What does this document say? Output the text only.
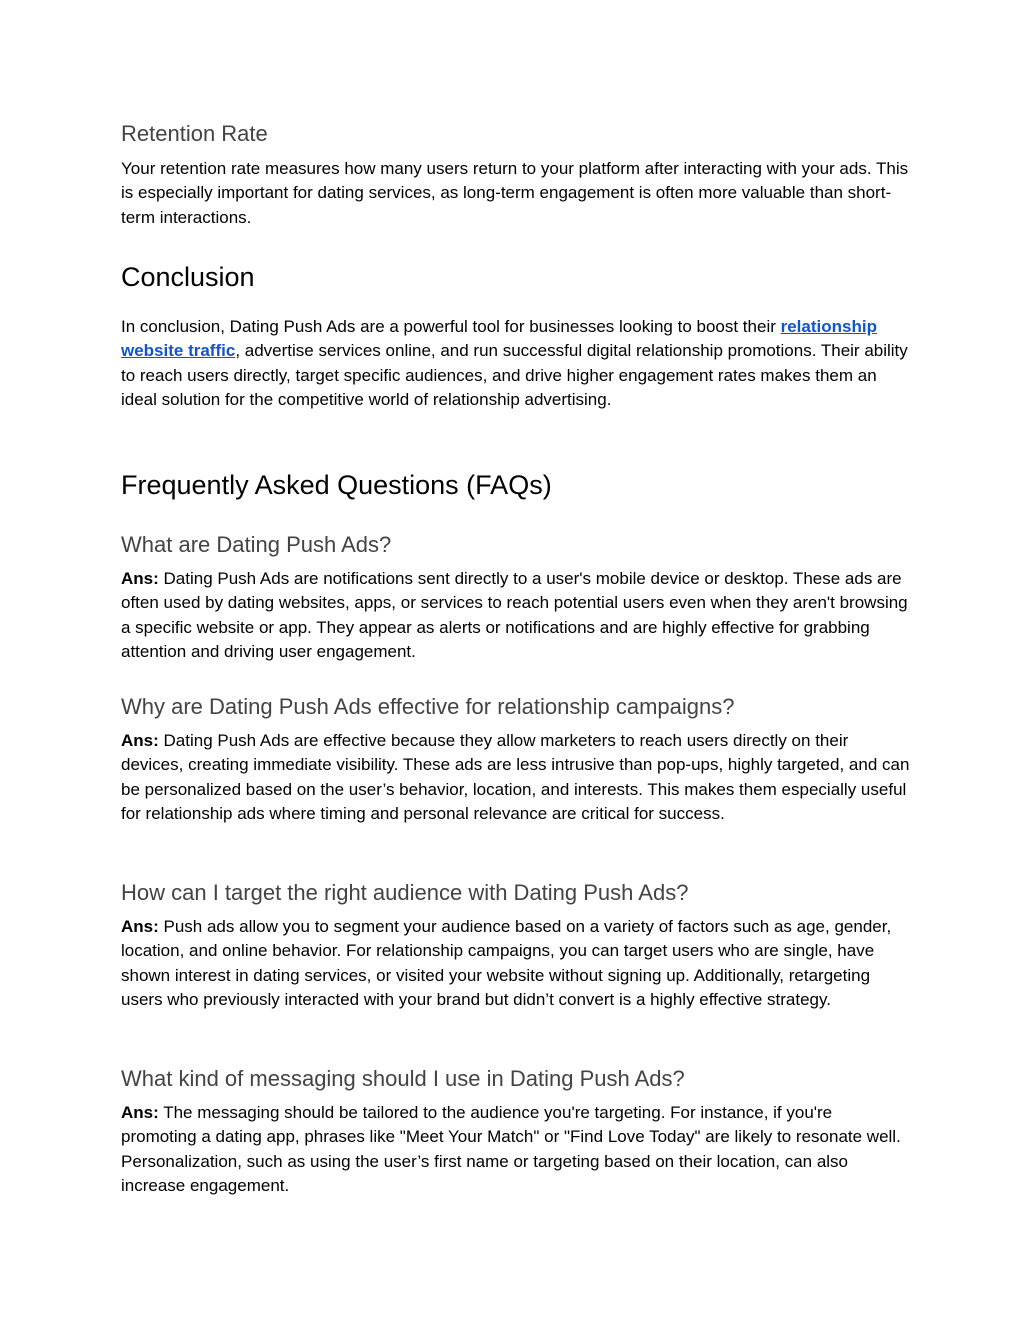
Retention Rate

Your retention rate measures how many users return to your platform after interacting with your ads. This is especially important for dating services, as long-term engagement is often more valuable than short-term interactions.

Conclusion

In conclusion, Dating Push Ads are a powerful tool for businesses looking to boost their relationship website traffic, advertise services online, and run successful digital relationship promotions. Their ability to reach users directly, target specific audiences, and drive higher engagement rates makes them an ideal solution for the competitive world of relationship advertising.

Frequently Asked Questions (FAQs)
What are Dating Push Ads?

Ans: Dating Push Ads are notifications sent directly to a user's mobile device or desktop. These ads are often used by dating websites, apps, or services to reach potential users even when they aren't browsing a specific website or app. They appear as alerts or notifications and are highly effective for grabbing attention and driving user engagement.

Why are Dating Push Ads effective for relationship campaigns?

Ans: Dating Push Ads are effective because they allow marketers to reach users directly on their devices, creating immediate visibility. These ads are less intrusive than pop-ups, highly targeted, and can be personalized based on the user’s behavior, location, and interests. This makes them especially useful for relationship ads where timing and personal relevance are critical for success.

How can I target the right audience with Dating Push Ads?

Ans: Push ads allow you to segment your audience based on a variety of factors such as age, gender, location, and online behavior. For relationship campaigns, you can target users who are single, have shown interest in dating services, or visited your website without signing up. Additionally, retargeting users who previously interacted with your brand but didn’t convert is a highly effective strategy.

What kind of messaging should I use in Dating Push Ads?

Ans: The messaging should be tailored to the audience you're targeting. For instance, if you're promoting a dating app, phrases like "Meet Your Match" or "Find Love Today" are likely to resonate well. Personalization, such as using the user’s first name or targeting based on their location, can also increase engagement.
